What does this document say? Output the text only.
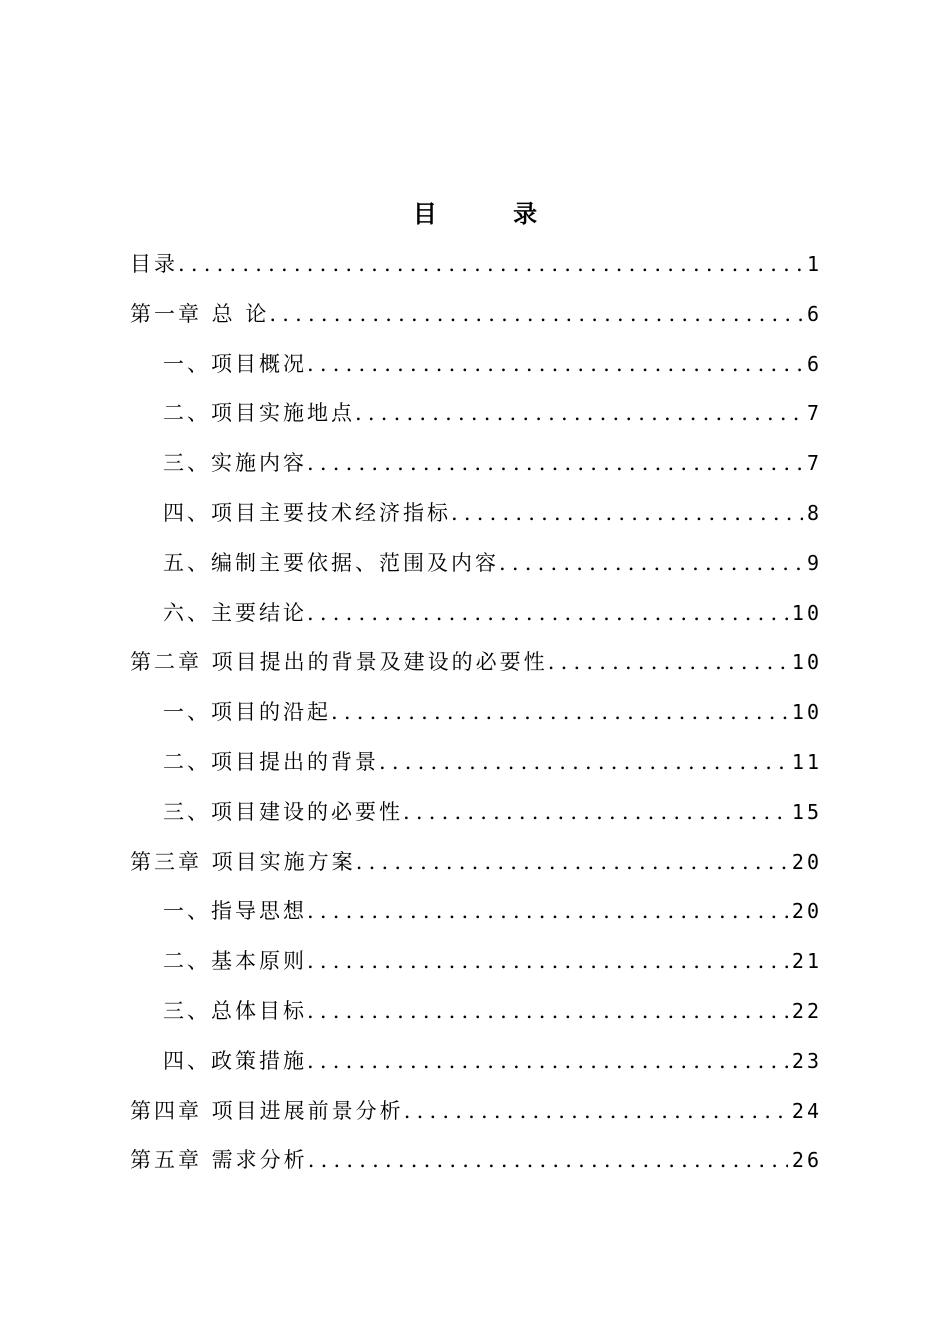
目 录
目录 .....	1
第一章 总 论 .....	6
一、项目概况 .....	6
二、项目实施地点 .....	7
三、实施内容 .....	7
四、项目主要技术经济指标 .....	8
五、编制主要依据、范围及内容 .....	9
六、主要结论 .....	10
第二章 项目提出的背景及建设的必要性 .....	10
一、项目的沿起 .....	10
二、项目提出的背景 .....	11
三、项目建设的必要性 .....	15
第三章 项目实施方案 .....	20
一、指导思想 .....	20
二、基本原则 .....	21
三、总体目标 .....	22
四、政策措施 .....	23
第四章 项目进展前景分析 .....	24
第五章 需求分析 .....	26
